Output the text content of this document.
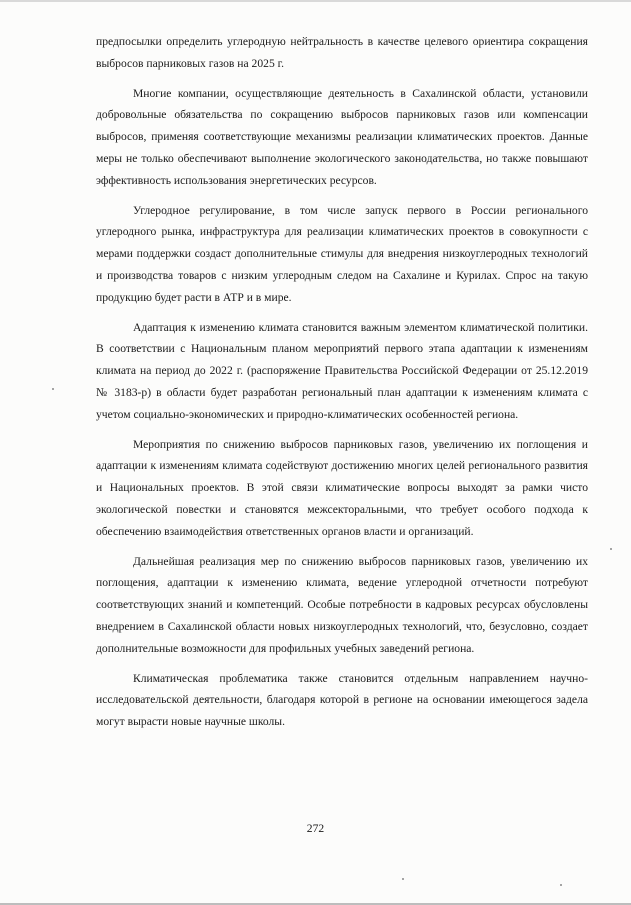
предпосылки определить углеродную нейтральность в качестве целевого ориентира сокращения выбросов парниковых газов на 2025 г.

Многие компании, осуществляющие деятельность в Сахалинской области, установили добровольные обязательства по сокращению выбросов парниковых газов или компенсации выбросов, применяя соответствующие механизмы реализации климатических проектов. Данные меры не только обеспечивают выполнение экологического законодательства, но также повышают эффективность использования энергетических ресурсов.

Углеродное регулирование, в том числе запуск первого в России регионального углеродного рынка, инфраструктура для реализации климатических проектов в совокупности с мерами поддержки создаст дополнительные стимулы для внедрения низкоуглеродных технологий и производства товаров с низким углеродным следом на Сахалине и Курилах. Спрос на такую продукцию будет расти в АТР и в мире.

Адаптация к изменению климата становится важным элементом климатической политики. В соответствии с Национальным планом мероприятий первого этапа адаптации к изменениям климата на период до 2022 г. (распоряжение Правительства Российской Федерации от 25.12.2019 № 3183-р) в области будет разработан региональный план адаптации к изменениям климата с учетом социально-экономических и природно-климатических особенностей региона.

Мероприятия по снижению выбросов парниковых газов, увеличению их поглощения и адаптации к изменениям климата содействуют достижению многих целей регионального развития и Национальных проектов. В этой связи климатические вопросы выходят за рамки чисто экологической повестки и становятся межсекторальными, что требует особого подхода к обеспечению взаимодействия ответственных органов власти и организаций.

Дальнейшая реализация мер по снижению выбросов парниковых газов, увеличению их поглощения, адаптации к изменению климата, ведение углеродной отчетности потребуют соответствующих знаний и компетенций. Особые потребности в кадровых ресурсах обусловлены внедрением в Сахалинской области новых низкоуглеродных технологий, что, безусловно, создает дополнительные возможности для профильных учебных заведений региона.

Климатическая проблематика также становится отдельным направлением научно-исследовательской деятельности, благодаря которой в регионе на основании имеющегося задела могут вырасти новые научные школы.

272
